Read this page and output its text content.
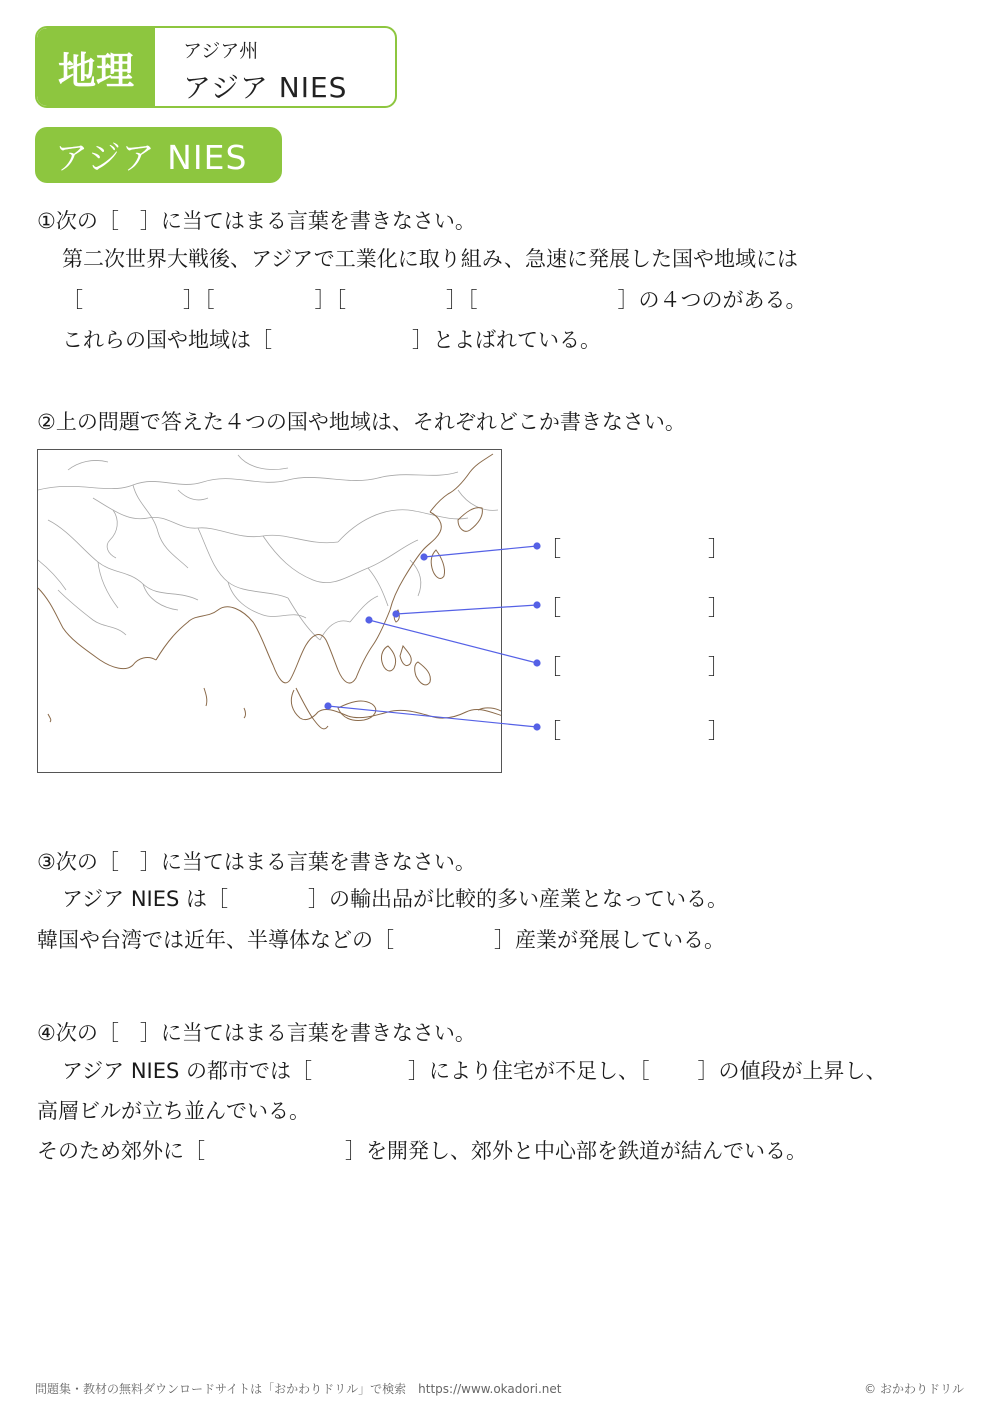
地理	アジア州
アジア NIES
アジア NIES
①次の［　］に当てはまる言葉を書きなさい。
第二次世界大戦後、アジアで工業化に取り組み、急速に発展した国や地域には
［	］［	］［	］［	］の４つのがある。
これらの国や地域は［	］とよばれている。
②上の問題で答えた４つの国や地域は、それぞれどこか書きなさい。
［	］
［	］
［	］
［	］
③次の［　］に当てはまる言葉を書きなさい。
アジア NIES は［	］の輸出品が比較的多い産業となっている。
韓国や台湾では近年、半導体などの［	］産業が発展している。
④次の［　］に当てはまる言葉を書きなさい。
アジア NIES の都市では［	］により住宅が不足し、［ ］の値段が上昇し、
高層ビルが立ち並んでいる。
そのため郊外に［	］を開発し、郊外と中心部を鉄道が結んでいる。
問題集・教材の無料ダウンロードサイトは「おかわりドリル」で検索　https://www.okadori.net	© おかわりドリル
